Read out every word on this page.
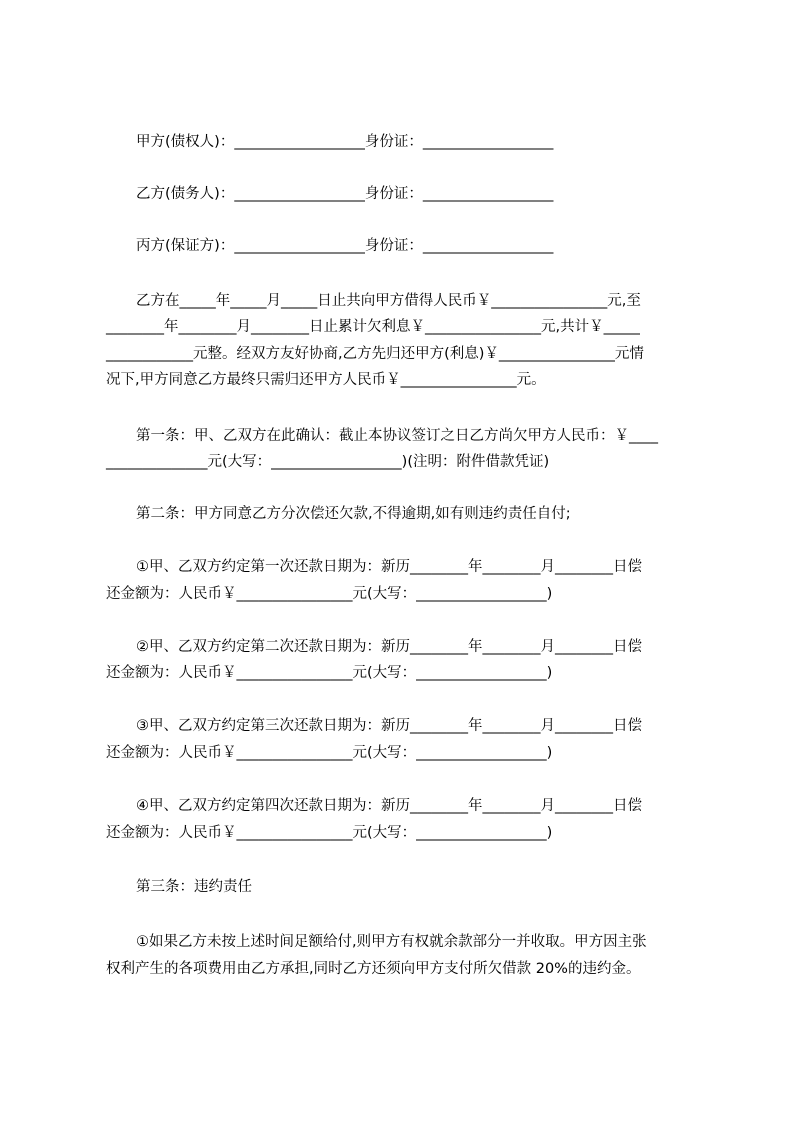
甲方(债权人)：__________________身份证：__________________
乙方(债务人)：__________________身份证：__________________
丙方(保证方)：__________________身份证：__________________
乙方在_____年_____月_____日止共向甲方借得人民币￥________________元,至
________年________月________日止累计欠利息￥________________元,共计￥_____
____________元整。经双方友好协商,乙方先归还甲方(利息)￥________________元情
况下,甲方同意乙方最终只需归还甲方人民币￥________________元。
第一条：甲、乙双方在此确认：截止本协议签订之日乙方尚欠甲方人民币：￥____
______________元(大写：__________________)(注明：附件借款凭证)
第二条：甲方同意乙方分次偿还欠款,不得逾期,如有则违约责任自付;
①甲、乙双方约定第一次还款日期为：新历________年________月________日偿
还金额为：人民币￥________________元(大写：__________________)
②甲、乙双方约定第二次还款日期为：新历________年________月________日偿
还金额为：人民币￥________________元(大写：__________________)
③甲、乙双方约定第三次还款日期为：新历________年________月________日偿
还金额为：人民币￥________________元(大写：__________________)
④甲、乙双方约定第四次还款日期为：新历________年________月________日偿
还金额为：人民币￥________________元(大写：__________________)
第三条：违约责任
①如果乙方未按上述时间足额给付,则甲方有权就余款部分一并收取。甲方因主张
权利产生的各项费用由乙方承担,同时乙方还须向甲方支付所欠借款 20%的违约金。
